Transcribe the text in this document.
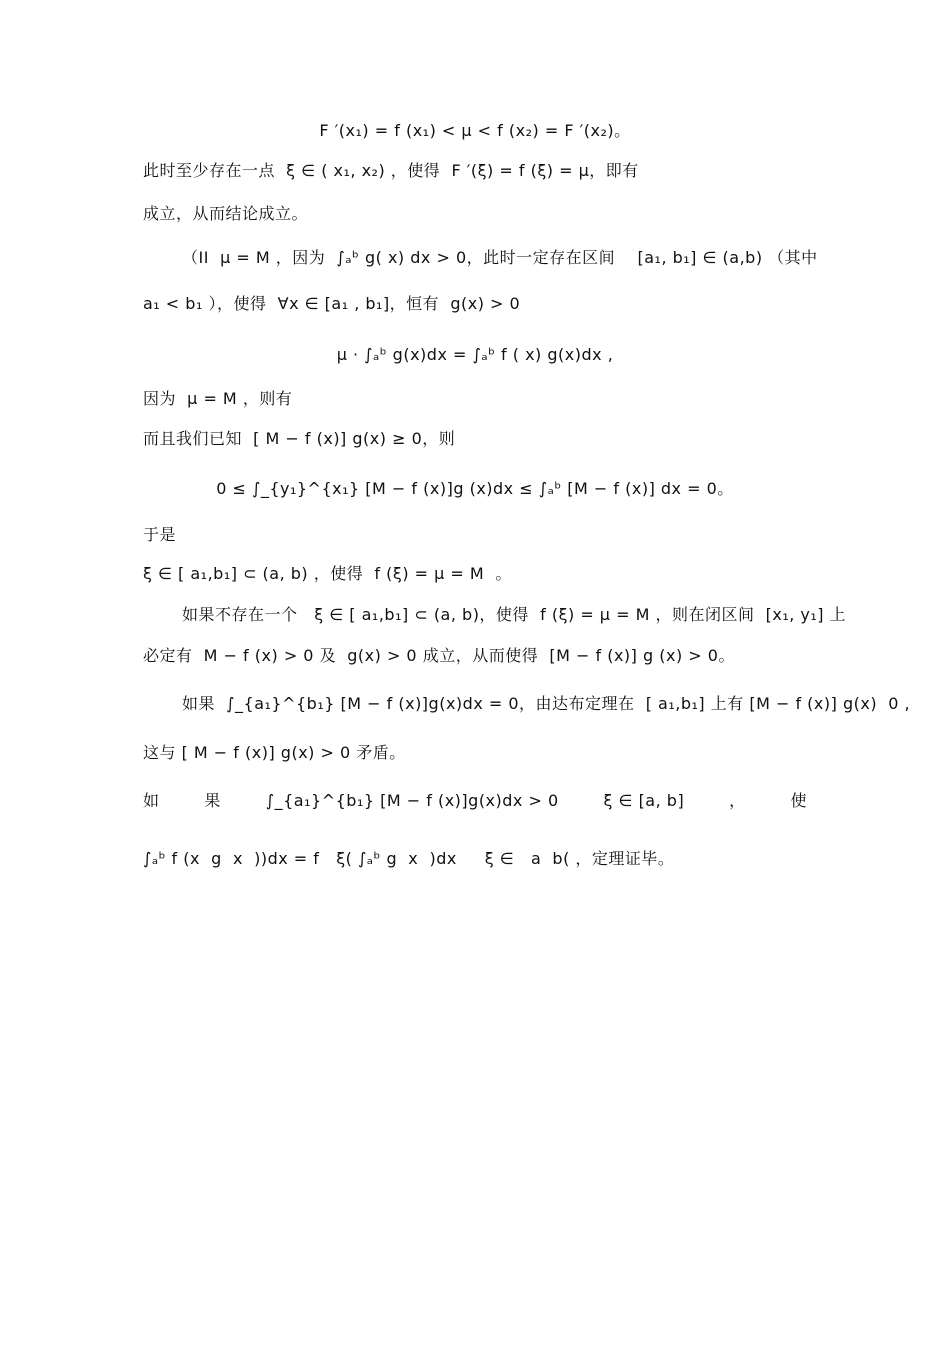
F ′(x₁) = f (x₁) < μ < f (x₂) = F ′(x₂)。
此时至少存在一点  ξ ∈ ( x₁, x₂) ，使得  F ′(ξ) = f (ξ) = μ，即有
成立，从而结论成立。
（II  μ = M ，因为  ∫ₐᵇ g( x) dx > 0，此时一定存在区间    [a₁, b₁] ∈ (a,b) （其中
a₁ < b₁ ），使得  ∀x ∈ [a₁ , b₁]，恒有  g(x) > 0
μ · ∫ₐᵇ g(x)dx = ∫ₐᵇ f ( x) g(x)dx ,
因为  μ = M ，则有
而且我们已知  [ M − f (x)] g(x) ≥ 0，则
0 ≤ ∫_{y₁}^{x₁} [M − f (x)]g (x)dx ≤ ∫ₐᵇ [M − f (x)] dx = 0。
于是
ξ ∈ [ a₁,b₁] ⊂ (a, b) ，使得  f (ξ) = μ = M  。
如果不存在一个   ξ ∈ [ a₁,b₁] ⊂ (a, b)，使得  f (ξ) = μ = M ，则在闭区间  [x₁, y₁] 上
必定有  M − f (x) > 0 及  g(x) > 0 成立，从而使得  [M − f (x)] g (x) > 0。
如果  ∫_{a₁}^{b₁} [M − f (x)]g(x)dx = 0，由达布定理在  [ a₁,b₁] 上有 [M − f (x)] g(x)  0 ,
这与 [ M − f (x)] g(x) > 0 矛盾。
如	果	∫_{a₁}^{b₁} [M − f (x)]g(x)dx > 0	ξ ∈ [a, b]	，	使
∫ₐᵇ f (x  g  x  ))dx = f   ξ( ∫ₐᵇ g  x  )dx     ξ ∈   a  b( ，定理证毕。
